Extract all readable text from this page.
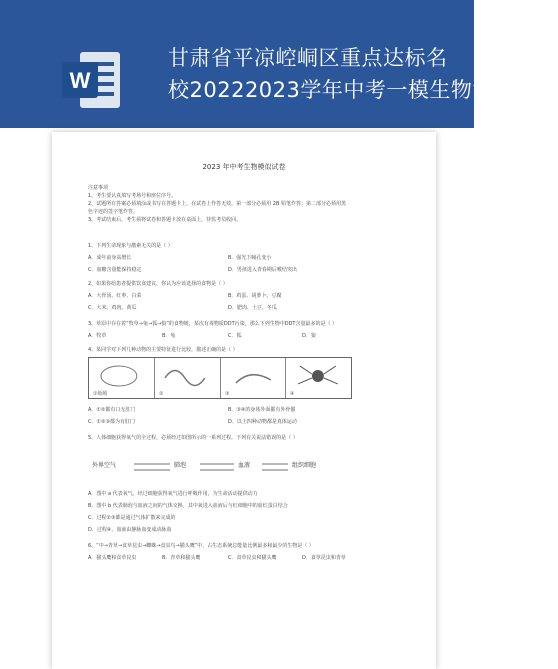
W
甘肃省平凉崆峒区重点达标名
校20222023学年中考一模生物试题含解
2023 年中考生物模似试卷

注意事项

1、考生要认真填写考场号和座位序号。

2、试题所有答案必须填涂或书写在答题卡上，在试卷上作答无效。第一部分必须用 2B 铅笔作答；第二部分必须用黑

色字迹的签字笔作答。

3、考试结束后，考生须将试卷和答题卡放在桌面上，待监考员收回。

1、下列生命现象与激素无关的是（ ）

A．成年前身高增长	B．强光下瞳孔变小

C．血糖含量能保持稳定	D．男孩进入青春期后喉结突出

2、如果你给患者提供饮食建议，你认为应该选择的食物是（ ）

A．大骨汤、红枣、白菜	B．鸡蛋、胡萝卜、豆腐

C．大米、鸡肉、黄瓜	D．肥肉、土豆、冬瓜

3、草原中存在着“牧草→兔→狐→狼”的食物链，某次有毒物质DDT污染，那么下列生物中DDT含量最多的是（ ）

A．牧草	B．兔	C．狐	D．狼

4、某同学对下列几种动物的主要特征进行比较，描述正确的是（ ）

①蚯蚓	②	③	④

A．①②都有口无肛门	B．③④的身体外面都有外骨骼

C．①②③都为有肛门	D．以上四种动物都是真体运动

5、人体细胞获得氧气的全过程，必须经过如图所示的一系列过程，下列有关说法错误的是（ ）

外界空气	肺泡	血液	组织细胞

A．图中 a 代表氧气，经过细胞获得氧气进行呼吸作用，为生命活动提供动力

B．图中 b 代表肺泡与血液之间的气体交换，其中氧进入血液后与红细胞中的血红蛋白结合

C．过程②③都是通过气体扩散来完成的

D．过程④，血液由静脉血变成动脉血

6、“中→青草→食草昆虫→蜘蛛→食虫鸟→猫头鹰”中，占生态系统总能量比例最多和最少的生物是（ ）

A．猫头鹰和食草昆虫	B．青草和猫头鹰	C．食草昆虫和猫头鹰	D．食草昆虫和青草
